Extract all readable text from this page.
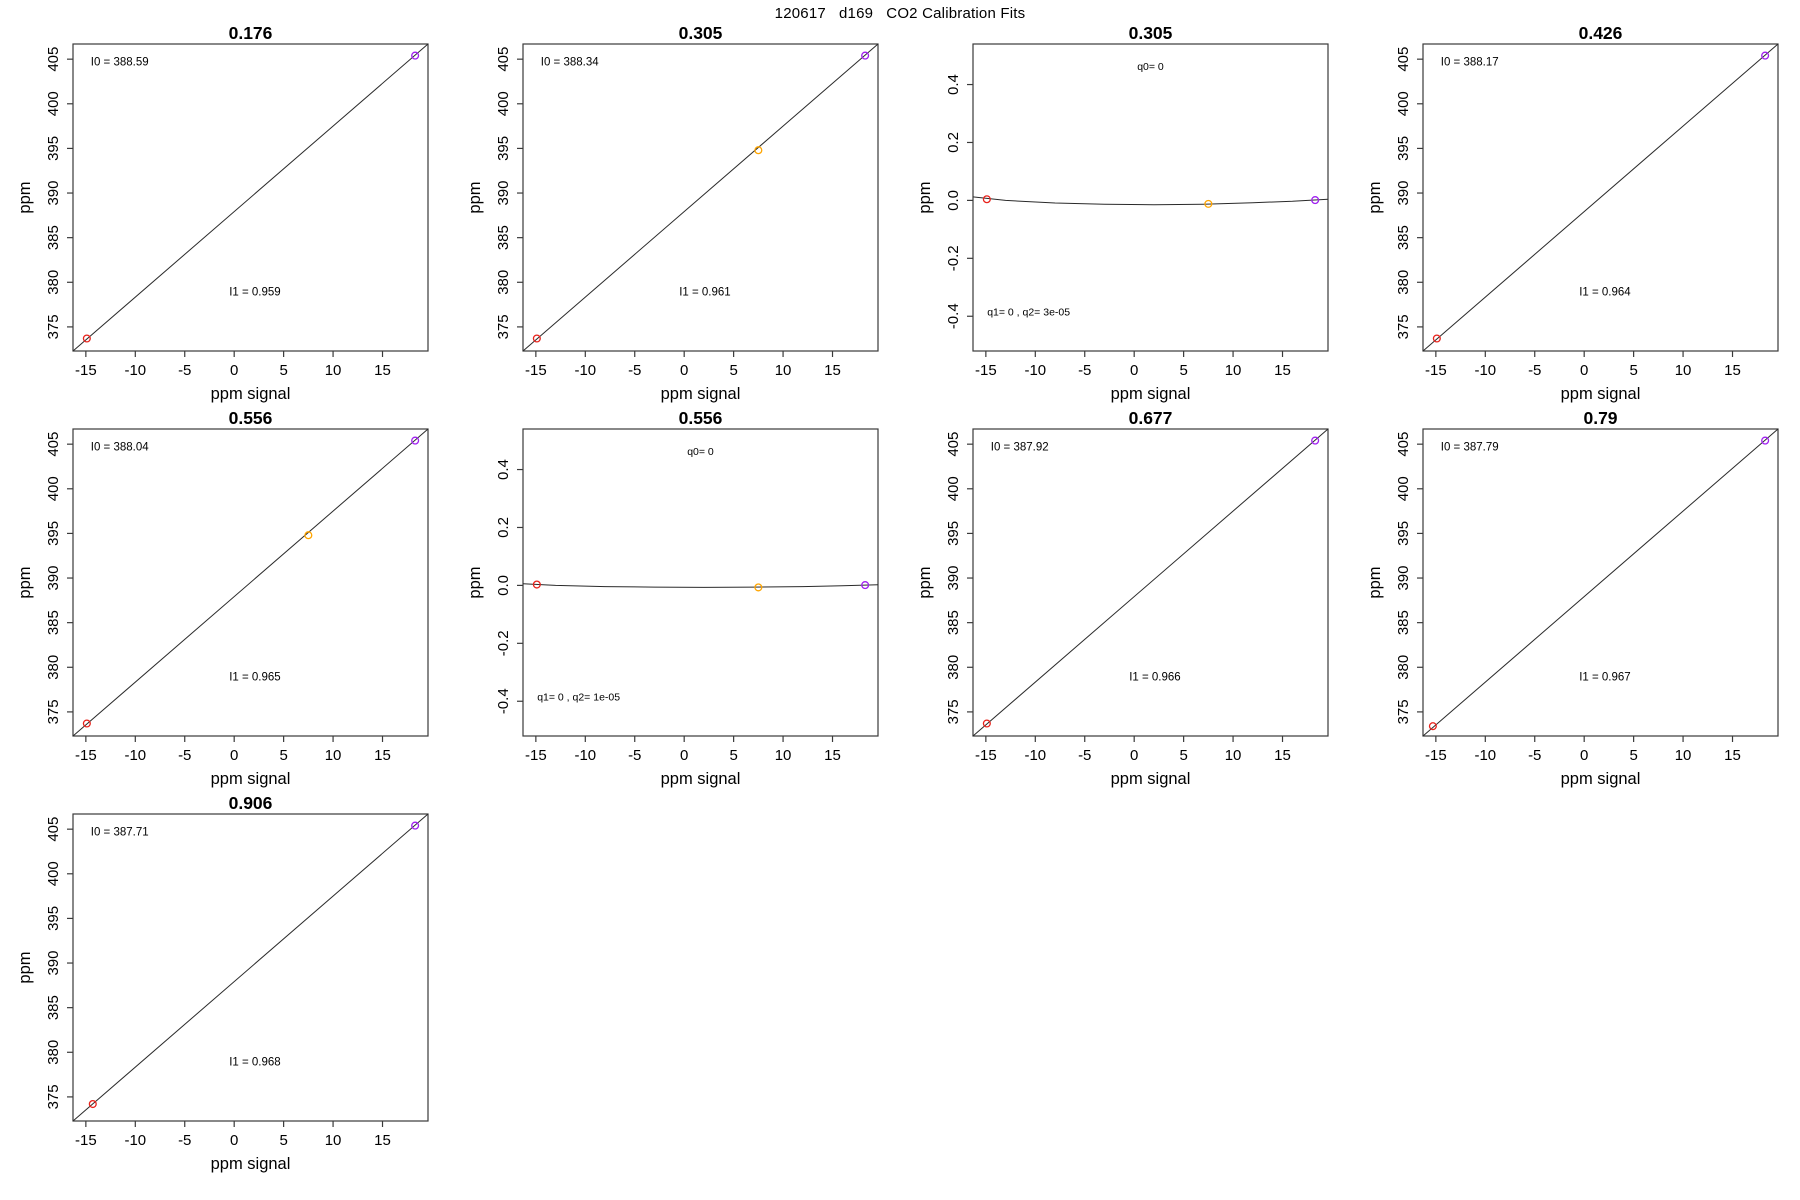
120617   d169   CO2 Calibration Fits
0.176
-15 -10 -5	0	5 10 15
375
380
385
390
395
400
405
ppm signal
ppm
I0 = 388.59
I1 = 0.959
0.305
-15 -10 -5	0	5 10 15
375
380
385
390
395
400
405
ppm signal
ppm
I0 = 388.34
I1 = 0.961
0.305
-15 -10 -5	0	5 10 15
-0.4
-0.2
0.0
0.2
0.4
ppm signal
ppm
q0= 0
q1= 0 , q2= 3e-05
0.426
-15 -10 -5	0	5 10 15
375
380
385
390
395
400
405
ppm signal
ppm
I0 = 388.17
I1 = 0.964
0.556
-15 -10 -5	0	5 10 15
375
380
385
390
395
400
405
ppm signal
ppm
I0 = 388.04
I1 = 0.965
0.556
-15 -10 -5	0	5 10 15
-0.4
-0.2
0.0
0.2
0.4
ppm signal
ppm
q0= 0
q1= 0 , q2= 1e-05
0.677
-15 -10 -5	0	5 10 15
375
380
385
390
395
400
405
ppm signal
ppm
I0 = 387.92
I1 = 0.966
0.79
-15 -10 -5	0	5 10 15
375
380
385
390
395
400
405
ppm signal
ppm
I0 = 387.79
I1 = 0.967
0.906
-15 -10 -5	0	5 10 15
375
380
385
390
395
400
405
ppm signal
ppm
I0 = 387.71
I1 = 0.968
